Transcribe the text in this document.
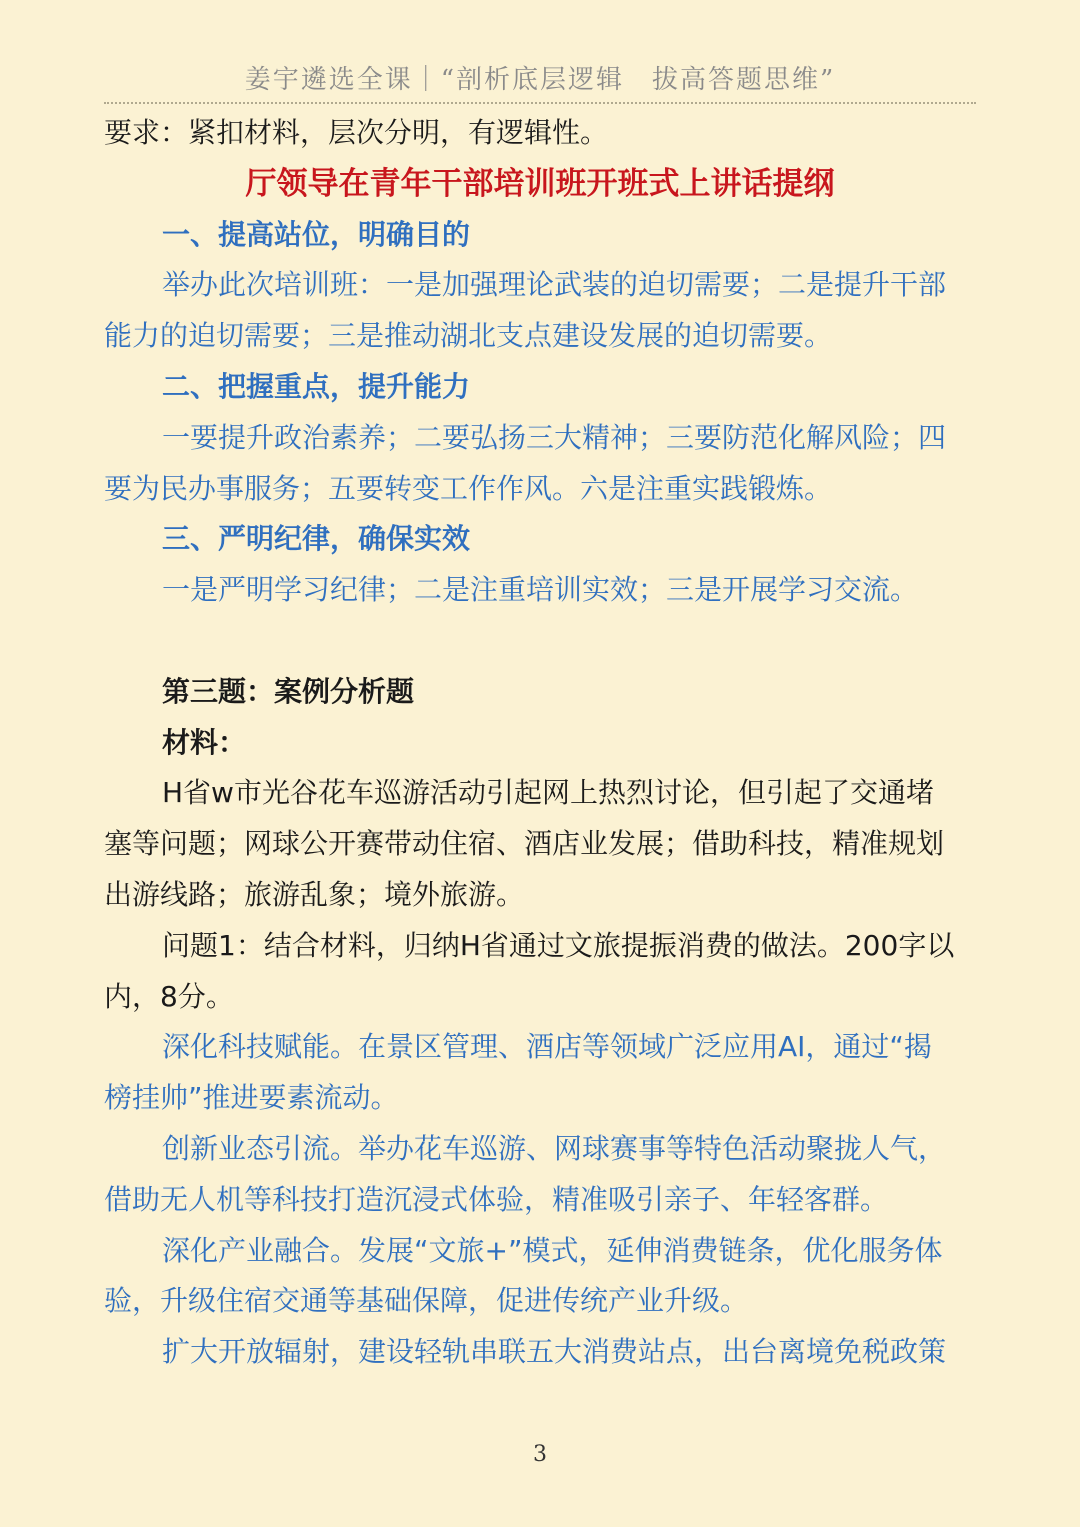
姜宇遴选全课｜“剖析底层逻辑　拔高答题思维”
要求：紧扣材料，层次分明，有逻辑性。
厅领导在青年干部培训班开班式上讲话提纲
一、提高站位，明确目的
举办此次培训班：一是加强理论武装的迫切需要；二是提升干部
能力的迫切需要；三是推动湖北支点建设发展的迫切需要。
二、把握重点，提升能力
一要提升政治素养；二要弘扬三大精神；三要防范化解风险；四
要为民办事服务；五要转变工作作风。六是注重实践锻炼。
三、严明纪律，确保实效
一是严明学习纪律；二是注重培训实效；三是开展学习交流。
第三题：案例分析题
材料：
H省w市光谷花车巡游活动引起网上热烈讨论，但引起了交通堵
塞等问题；网球公开赛带动住宿、酒店业发展；借助科技，精准规划
出游线路；旅游乱象；境外旅游。
问题1：结合材料，归纳H省通过文旅提振消费的做法。200字以
内，8分。
深化科技赋能。在景区管理、酒店等领域广泛应用AI，通过“揭
榜挂帅”推进要素流动。
创新业态引流。举办花车巡游、网球赛事等特色活动聚拢人气，
借助无人机等科技打造沉浸式体验，精准吸引亲子、年轻客群。
深化产业融合。发展“文旅+”模式，延伸消费链条，优化服务体
验，升级住宿交通等基础保障，促进传统产业升级。
扩大开放辐射，建设轻轨串联五大消费站点，出台离境免税政策
3
